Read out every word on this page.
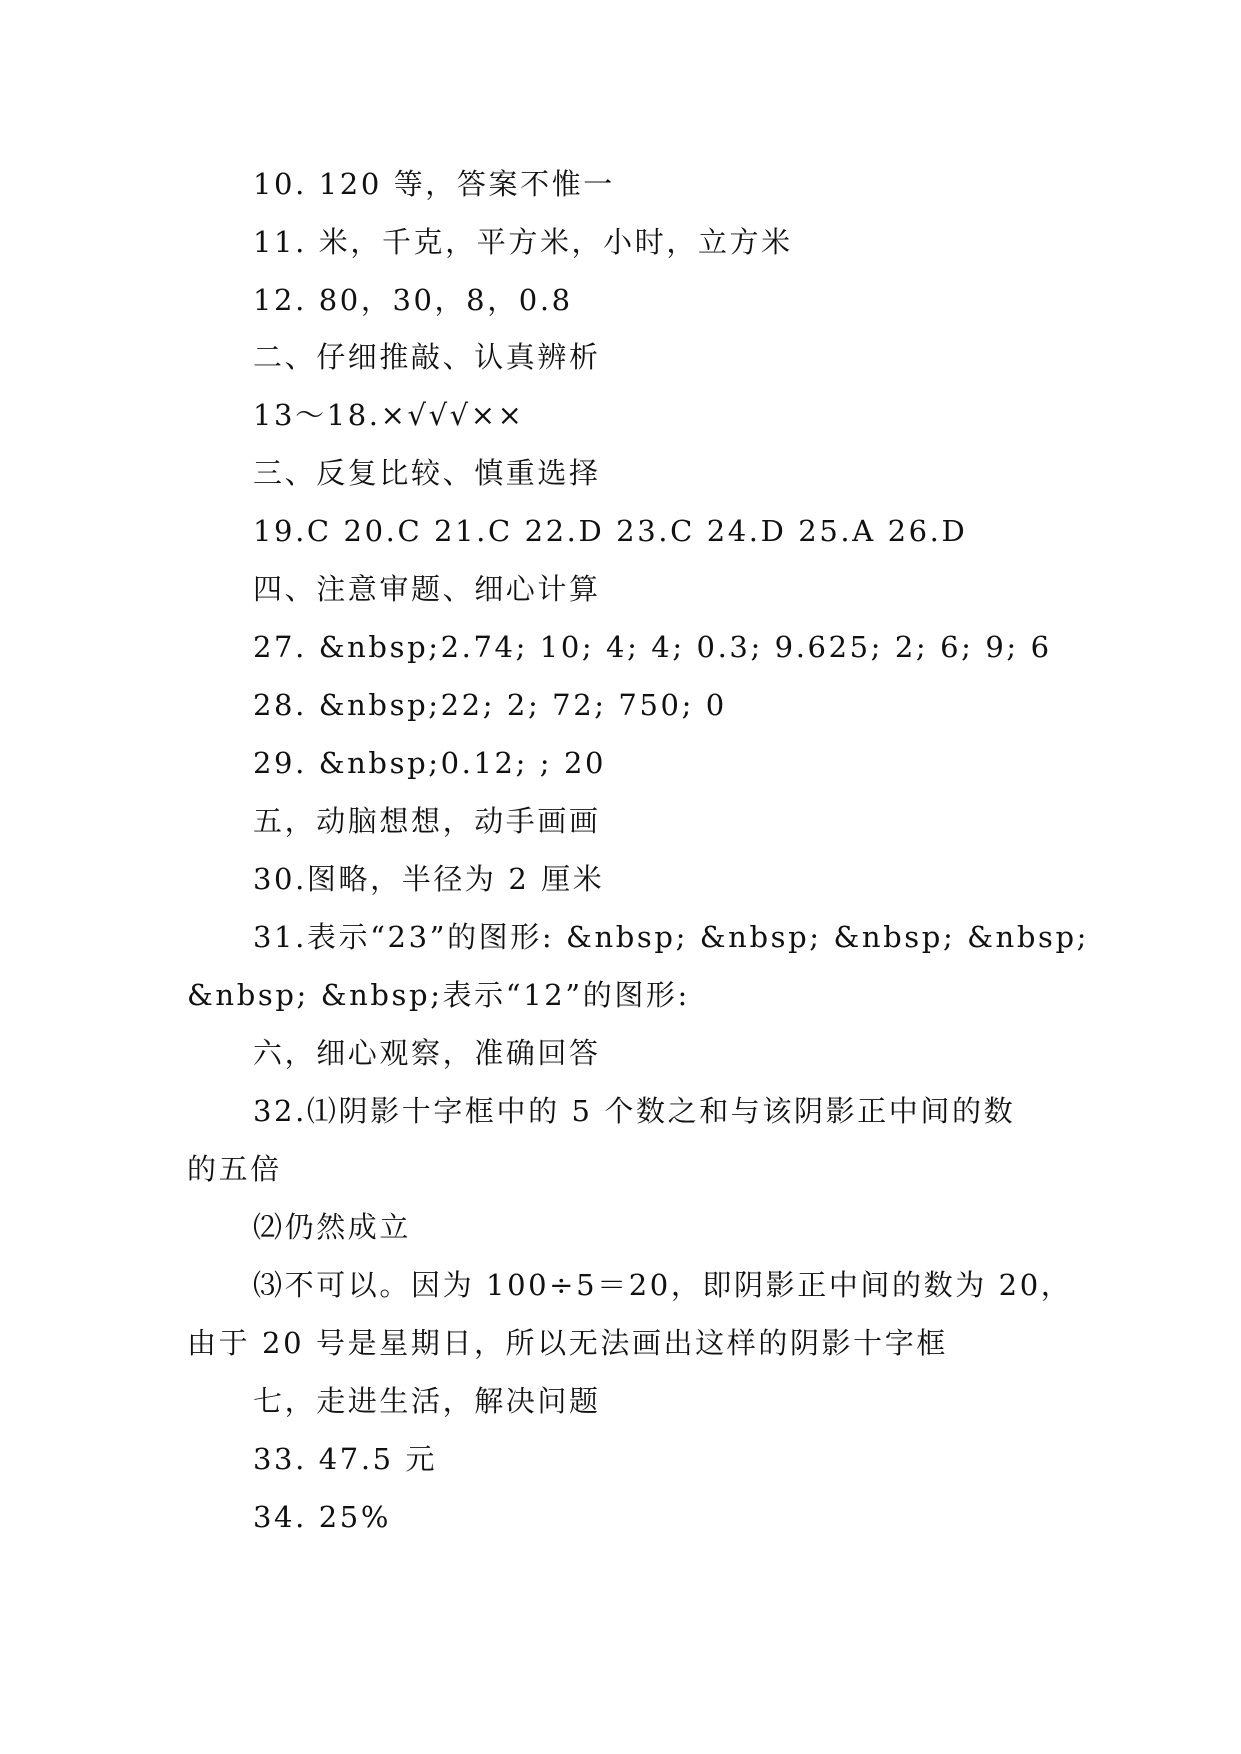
10. 120 等，答案不惟一

11. 米，千克，平方米，小时，立方米

12. 80，30，8，0.8

二、仔细推敲、认真辨析

13～18.×√√√××

三、反复比较、慎重选择

19.C 20.C 21.C 22.D 23.C 24.D 25.A 26.D

四、注意审题、细心计算

27. &nbsp;2.74; 10; 4; 4; 0.3; 9.625; 2; 6; 9; 6

28. &nbsp;22; 2; 72; 750; 0

29. &nbsp;0.12; ; 20

五，动脑想想，动手画画

30.图略，半径为 2 厘米

31.表示“23”的图形: &nbsp; &nbsp; &nbsp; &nbsp;

&nbsp; &nbsp;表示“12”的图形:

六，细心观察，准确回答

32.⑴阴影十字框中的 5 个数之和与该阴影正中间的数

的五倍

⑵仍然成立

⑶不可以。因为 100÷5＝20，即阴影正中间的数为 20，

由于 20 号是星期日，所以无法画出这样的阴影十字框

七，走进生活，解决问题

33. 47.5 元

34. 25%
